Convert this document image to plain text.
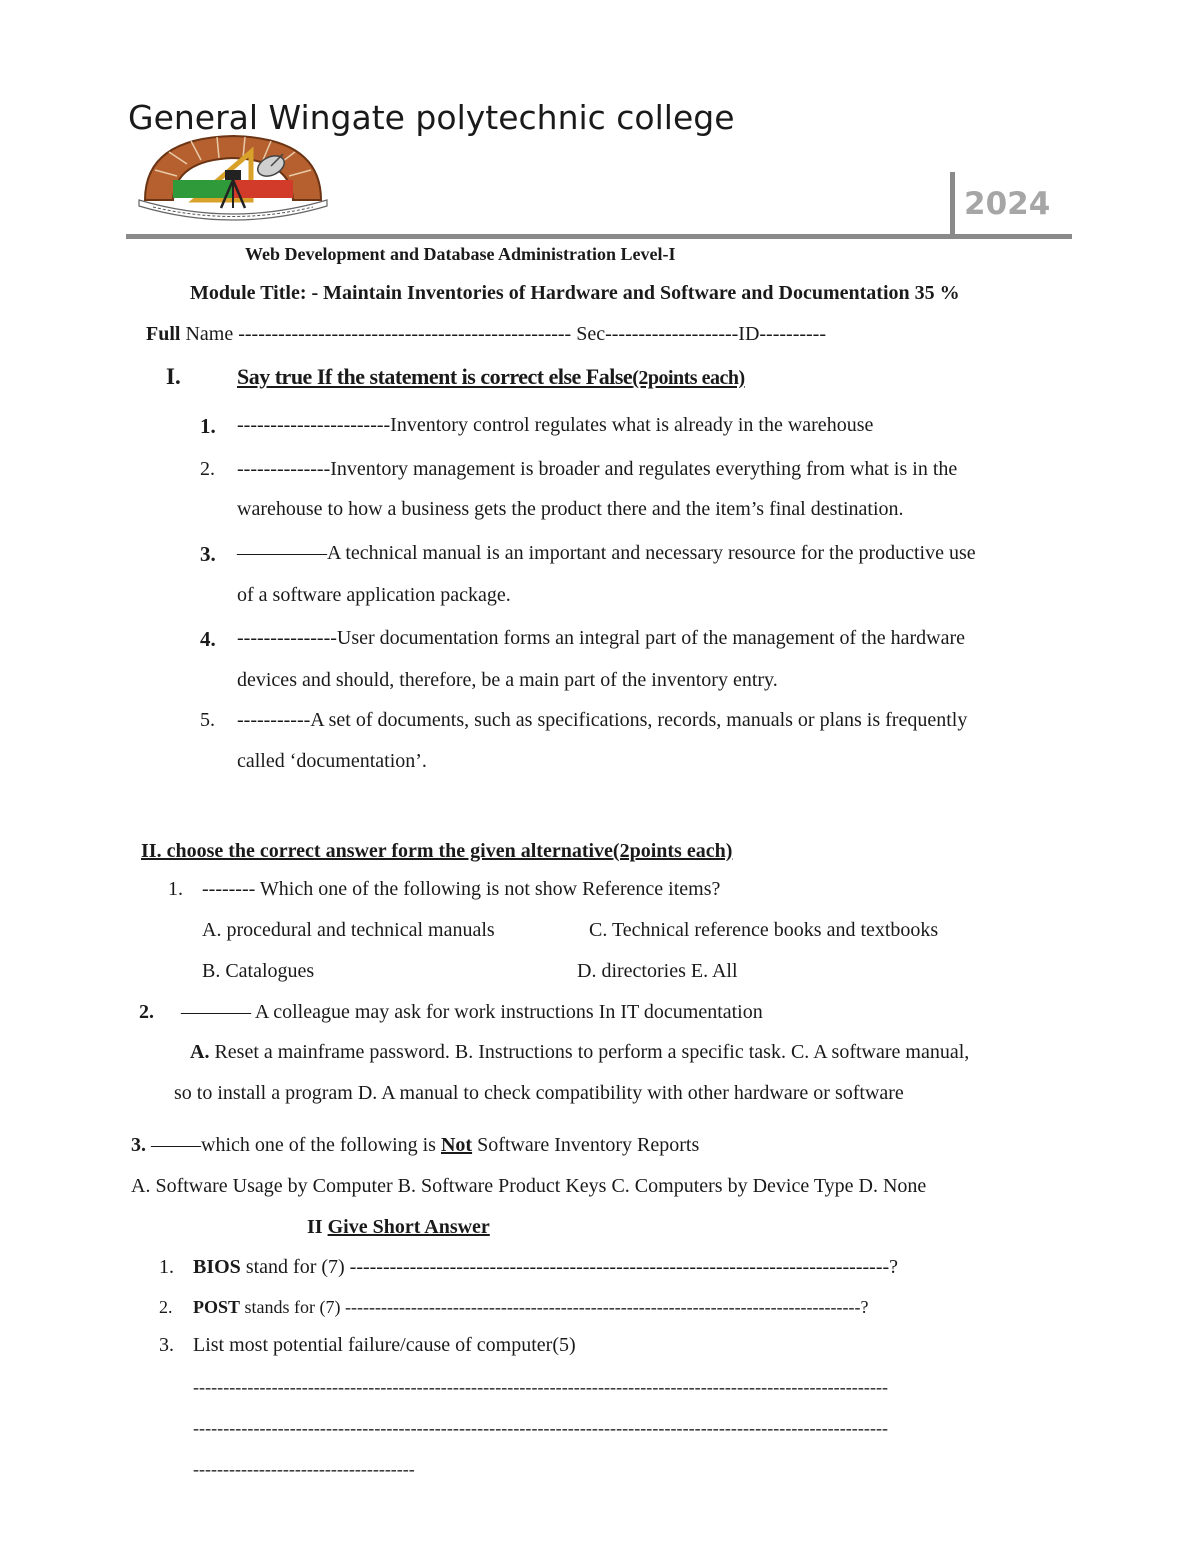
General Wingate polytechnic college
2024
Web Development and Database Administration Level-I
Module Title: - Maintain Inventories of Hardware and Software and Documentation 35 %
Full Name -------------------------------------------------- Sec--------------------ID----------
I.	Say true If the statement is correct else False(2points each)
1. -----------------------Inventory control regulates what is already in the warehouse
2. --------------Inventory management is broader and regulates everything from what is in the
warehouse to how a business gets the product there and the item’s final destination.
3. ————–A technical manual is an important and necessary resource for the productive use
of a software application package.
4. ---------------User documentation forms an integral part of the management of the hardware
devices and should, therefore, be a main part of the inventory entry.
5. -----------A set of documents, such as specifications, records, manuals or plans is frequently
called ‘documentation’.
II. choose the correct answer form the given alternative(2points each)
1. -------- Which one of the following is not show Reference items?
A. procedural and technical manuals	C. Technical reference books and textbooks
B. Catalogues	D. directories E. All
2. ———– A colleague may ask for work instructions In IT documentation
A. Reset a mainframe password. B. Instructions to perform a specific task. C. A software manual,
so to install a program D. A manual to check compatibility with other hardware or software
3. –——which one of the following is Not Software Inventory Reports
A. Software Usage by Computer B. Software Product Keys C. Computers by Device Type D. None
II Give Short Answer
1. BIOS stand for (7) ---------------------------------------------------------------------------------?
2. POST stands for (7) --------------------------------------------------------------------------------------?
3. List most potential failure/cause of computer(5)
-------------------------------------------------------------------------------------------------------------------
-------------------------------------------------------------------------------------------------------------------
-------------------------------------
